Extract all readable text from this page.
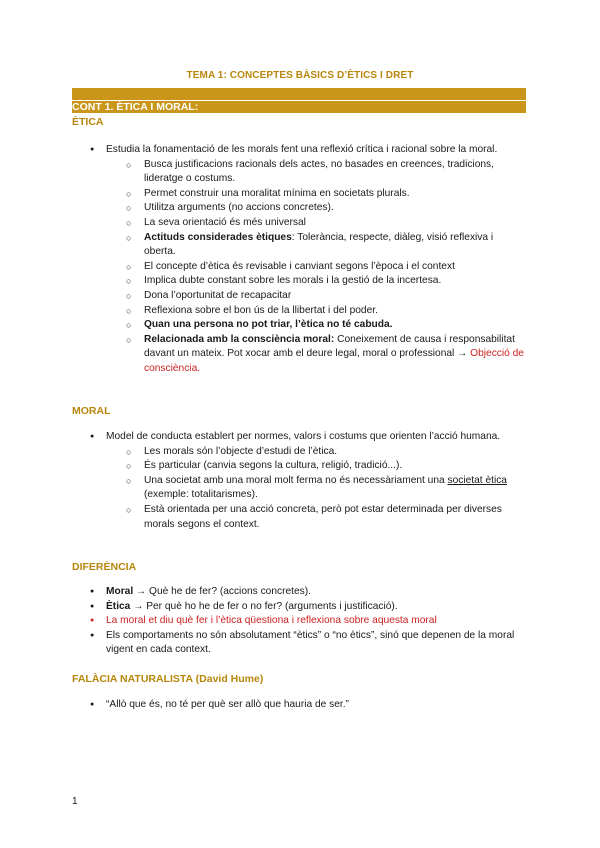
TEMA 1: CONCEPTES BÀSICS D’ÈTICS I DRET
CONT 1. ÈTICA I MORAL:
ÈTICA
● Estudia la fonamentació de les morals fent una reflexió crítica i racional sobre la moral.
○ Busca justificacions racionals dels actes, no basades en creences, tradicions, lideratge o costums.
○ Permet construir una moralitat mínima en societats plurals.
○ Utilitza arguments (no accions concretes).
○ La seva orientació és més universal
○ Actituds considerades ètiques: Tolerància, respecte, diàleg, visió reflexiva i oberta.
○ El concepte d’ètica és revisable i canviant segons l’època i el context
○ Implica dubte constant sobre les morals i la gestió de la incertesa.
○ Dona l’oportunitat de recapacitar
○ Reflexiona sobre el bon ús de la llibertat i del poder.
○ Quan una persona no pot triar, l’ètica no té cabuda.
○ Relacionada amb la consciència moral: Coneixement de causa i responsabilitat davant un mateix. Pot xocar amb el deure legal, moral o professional → Objecció de consciència.
MORAL
● Model de conducta establert per normes, valors i costums que orienten l’acció humana.
○ Les morals són l’objecte d’estudi de l’ètica.
○ És particular (canvia segons la cultura, religió, tradició...).
○ Una societat amb una moral molt ferma no és necessàriament una societat ètica (exemple: totalitarismes).
○ Està orientada per una acció concreta, però pot estar determinada per diverses morals segons el context.
DIFERÈNCIA
● Moral → Què he de fer? (accions concretes).
● Ètica → Per què ho he de fer o no fer? (arguments i justificació).
● La moral et diu què fer i l’ètica qüestiona i reflexiona sobre aquesta moral
● Els comportaments no són absolutament “ètics” o “no ètics”, sinó que depenen de la moral vigent en cada context.
FALÀCIA NATURALISTA (David Hume)
● “Allò que és, no té per què ser allò que hauria de ser.”
1
